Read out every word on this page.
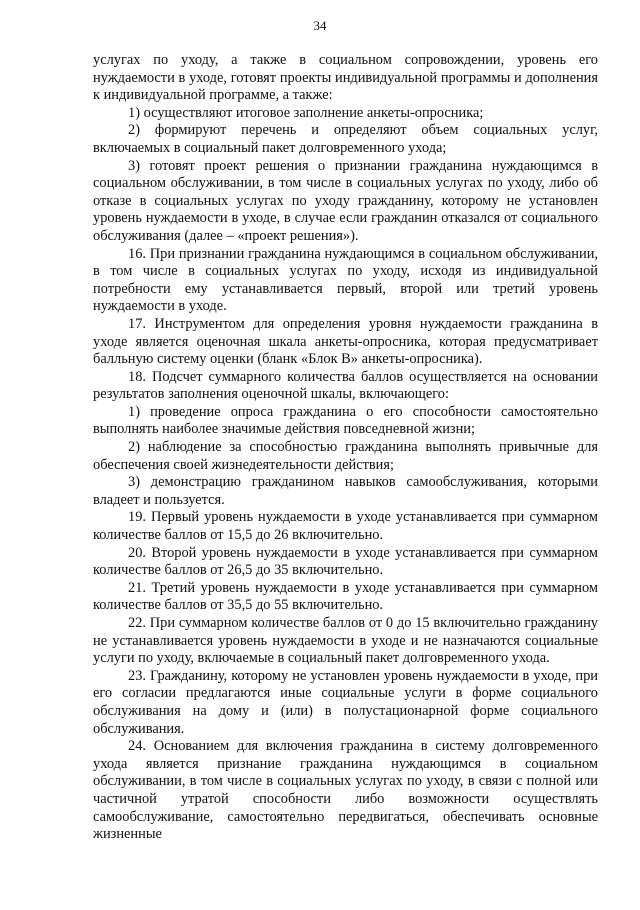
34

услугах по уходу, а также в социальном сопровождении, уровень его нуждаемости в уходе, готовят проекты индивидуальной программы и дополнения к индивидуальной программе, а также:

1) осуществляют итоговое заполнение анкеты-опросника;

2) формируют перечень и определяют объем социальных услуг, включаемых в социальный пакет долговременного ухода;

3) готовят проект решения о признании гражданина нуждающимся в социальном обслуживании, в том числе в социальных услугах по уходу, либо об отказе в социальных услугах по уходу гражданину, которому не установлен уровень нуждаемости в уходе, в случае если гражданин отказался от социального обслуживания (далее – «проект решения»).

16. При признании гражданина нуждающимся в социальном обслуживании, в том числе в социальных услугах по уходу, исходя из индивидуальной потребности ему устанавливается первый, второй или третий уровень нуждаемости в уходе.

17. Инструментом для определения уровня нуждаемости гражданина в уходе является оценочная шкала анкеты-опросника, которая предусматривает балльную систему оценки (бланк «Блок В» анкеты-опросника).

18. Подсчет суммарного количества баллов осуществляется на основании результатов заполнения оценочной шкалы, включающего:

1) проведение опроса гражданина о его способности самостоятельно выполнять наиболее значимые действия повседневной жизни;

2) наблюдение за способностью гражданина выполнять привычные для обеспечения своей жизнедеятельности действия;

3) демонстрацию гражданином навыков самообслуживания, которыми владеет и пользуется.

19. Первый уровень нуждаемости в уходе устанавливается при суммарном количестве баллов от 15,5 до 26 включительно.

20. Второй уровень нуждаемости в уходе устанавливается при суммарном количестве баллов от 26,5 до 35 включительно.

21. Третий уровень нуждаемости в уходе устанавливается при суммарном количестве баллов от 35,5 до 55 включительно.

22. При суммарном количестве баллов от 0 до 15 включительно гражданину не устанавливается уровень нуждаемости в уходе и не назначаются социальные услуги по уходу, включаемые в социальный пакет долговременного ухода.

23. Гражданину, которому не установлен уровень нуждаемости в уходе, при его согласии предлагаются иные социальные услуги в форме социального обслуживания на дому и (или) в полустационарной форме социального обслуживания.

24. Основанием для включения гражданина в систему долговременного ухода является признание гражданина нуждающимся в социальном обслуживании, в том числе в социальных услугах по уходу, в связи с полной или частичной утратой способности либо возможности осуществлять самообслуживание, самостоятельно передвигаться, обеспечивать основные жизненные
